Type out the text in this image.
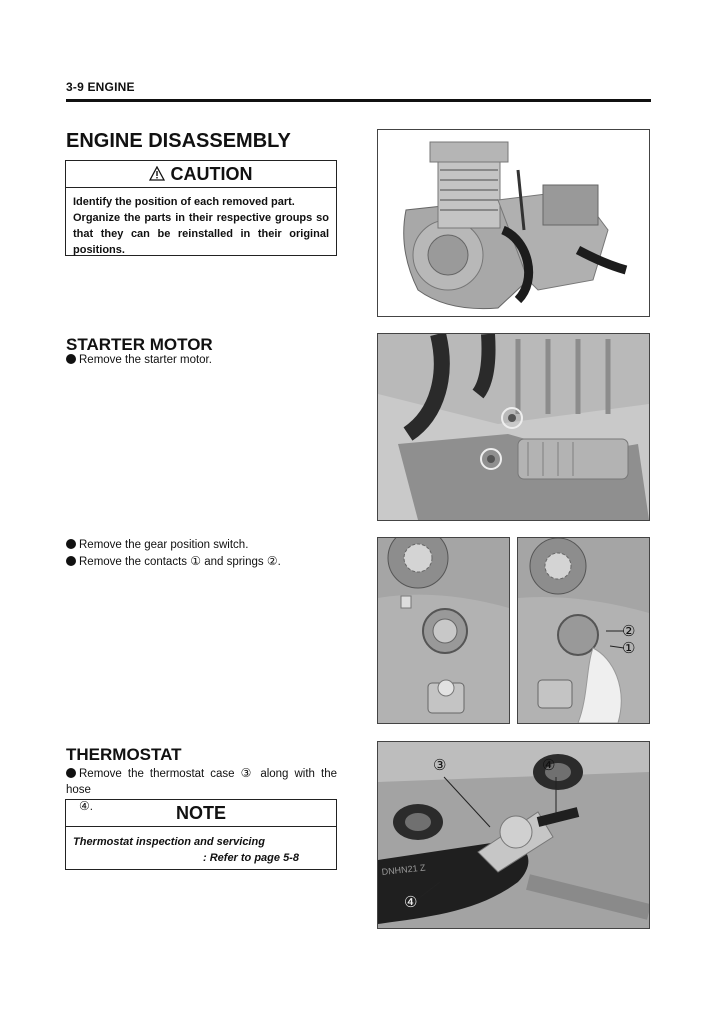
3-9 ENGINE
ENGINE DISASSEMBLY
CAUTION
Identify the position of each removed part.
Organize the parts in their respective groups so that they can be reinstalled in their original positions.
STARTER MOTOR
Remove the starter motor.
Remove the gear position switch.
Remove the contacts ① and springs ②.
②
①
THERMOSTAT
Remove the thermostat case ③ along with the hose
④.	NOTE
Thermostat inspection and servicing
: Refer to page 5-8
DNHN21 Z
③	④
④
